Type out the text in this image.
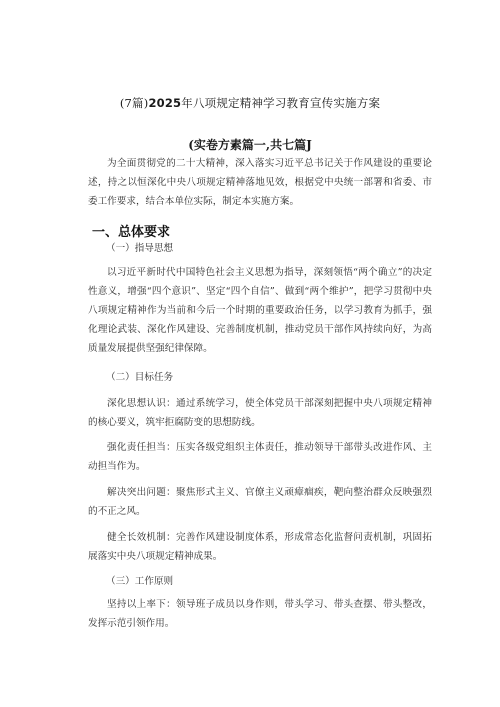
(7篇)2025年八项规定精神学习教育宣传实施方案
(实卷方素篇一,共七篇J
为全面贯彻党的二十大精神，深入落实习近平总书记关于作风建设的重要论述，持之以恒深化中央八项规定精神落地见效，根据党中央统一部署和省委、市委工作要求，结合本单位实际，制定本实施方案。
一、总体要求
（一）指导思想
以习近平新时代中国特色社会主义思想为指导，深刻领悟“两个确立”的决定性意义，增强“四个意识”、坚定“四个自信”、做到“两个维护”，把学习贯彻中央八项规定精神作为当前和今后一个时期的重要政治任务，以学习教育为抓手，强化理论武装、深化作风建设、完善制度机制，推动党员干部作风持续向好，为高质量发展提供坚强纪律保障。
（二）目标任务
深化思想认识：通过系统学习，使全体党员干部深刻把握中央八项规定精神的核心要义，筑牢拒腐防变的思想防线。
强化责任担当：压实各级党组织主体责任，推动领导干部带头改进作风、主动担当作为。
解决突出问题：聚焦形式主义、官僚主义顽瘴痼疾，靶向整治群众反映强烈的不正之风。
健全长效机制：完善作风建设制度体系，形成常态化监督问责机制，巩固拓展落实中央八项规定精神成果。
（三）工作原则
坚持以上率下：领导班子成员以身作则，带头学习、带头查摆、带头整改，发挥示范引领作用。
